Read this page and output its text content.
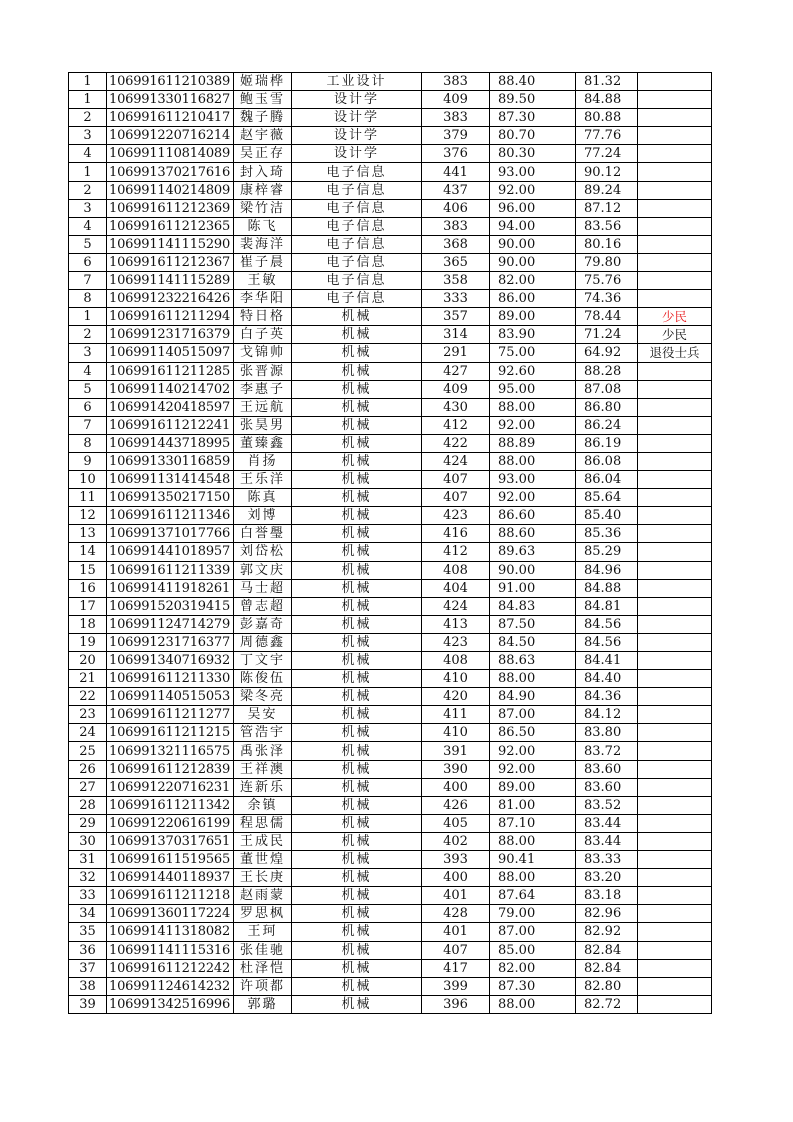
1	106991611210389	姬瑞桦	工业设计	383	88.40	81.32	
1	106991330116827	鲍玉雪	设计学	409	89.50	84.88	
2	106991611210417	魏子腾	设计学	383	87.30	80.88	
3	106991220716214	赵宇薇	设计学	379	80.70	77.76	
4	106991110814089	吴正存	设计学	376	80.30	77.24	
1	106991370217616	封入琦	电子信息	441	93.00	90.12	
2	106991140214809	康梓睿	电子信息	437	92.00	89.24	
3	106991611212369	梁竹洁	电子信息	406	96.00	87.12	
4	106991611212365	陈飞	电子信息	383	94.00	83.56	
5	106991141115290	裴海洋	电子信息	368	90.00	80.16	
6	106991611212367	崔子晨	电子信息	365	90.00	79.80	
7	106991141115289	王敏	电子信息	358	82.00	75.76	
8	106991232216426	李华阳	电子信息	333	86.00	74.36	
1	106991611211294	特日格	机械	357	89.00	78.44	少民
2	106991231716379	白子英	机械	314	83.90	71.24	少民
3	106991140515097	戈锦帅	机械	291	75.00	64.92	退役士兵
4	106991611211285	张晋源	机械	427	92.60	88.28	
5	106991140214702	李惠子	机械	409	95.00	87.08	
6	106991420418597	王远航	机械	430	88.00	86.80	
7	106991611212241	张昊男	机械	412	92.00	86.24	
8	106991443718995	董臻鑫	机械	422	88.89	86.19	
9	106991330116859	肖扬	机械	424	88.00	86.08	
10	106991131414548	王乐洋	机械	407	93.00	86.04	
11	106991350217150	陈真	机械	407	92.00	85.64	
12	106991611211346	刘博	机械	423	86.60	85.40	
13	106991371017766	白誉璺	机械	416	88.60	85.36	
14	106991441018957	刘岱松	机械	412	89.63	85.29	
15	106991611211339	郭文庆	机械	408	90.00	84.96	
16	106991411918261	马士超	机械	404	91.00	84.88	
17	106991520319415	曾志超	机械	424	84.83	84.81	
18	106991124714279	彭嘉奇	机械	413	87.50	84.56	
19	106991231716377	周德鑫	机械	423	84.50	84.56	
20	106991340716932	丁文宇	机械	408	88.63	84.41	
21	106991611211330	陈俊伍	机械	410	88.00	84.40	
22	106991140515053	梁冬亮	机械	420	84.90	84.36	
23	106991611211277	吴安	机械	411	87.00	84.12	
24	106991611211215	管浩宇	机械	410	86.50	83.80	
25	106991321116575	禹张泽	机械	391	92.00	83.72	
26	106991611212839	王祥澳	机械	390	92.00	83.60	
27	106991220716231	连新乐	机械	400	89.00	83.60	
28	106991611211342	余镇	机械	426	81.00	83.52	
29	106991220616199	程思儒	机械	405	87.10	83.44	
30	106991370317651	王成民	机械	402	88.00	83.44	
31	106991611519565	董世煌	机械	393	90.41	83.33	
32	106991440118937	王长庚	机械	400	88.00	83.20	
33	106991611211218	赵雨蒙	机械	401	87.64	83.18	
34	106991360117224	罗思枫	机械	428	79.00	82.96	
35	106991411318082	王珂	机械	401	87.00	82.92	
36	106991141115316	张佳驰	机械	407	85.00	82.84	
37	106991611212242	杜泽恺	机械	417	82.00	82.84	
38	106991124614232	许项都	机械	399	87.30	82.80	
39	106991342516996	郭璐	机械	396	88.00	82.72	
